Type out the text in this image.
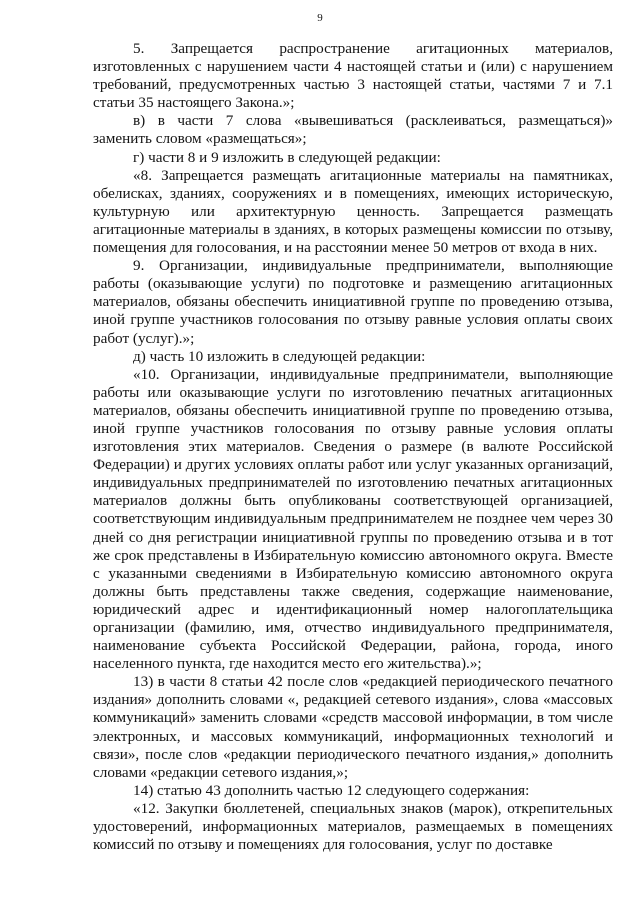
9

5. Запрещается распространение агитационных материалов, изготовленных с нарушением части 4 настоящей статьи и (или) с нарушением требований, предусмотренных частью 3 настоящей статьи, частями 7 и 7.1 статьи 35 настоящего Закона.»;

в) в части 7 слова «вывешиваться (расклеиваться, размещаться)» заменить словом «размещаться»;

г) части 8 и 9 изложить в следующей редакции:

«8. Запрещается размещать агитационные материалы на памятниках, обелисках, зданиях, сооружениях и в помещениях, имеющих историческую, культурную или архитектурную ценность. Запрещается размещать агитационные материалы в зданиях, в которых размещены комиссии по отзыву, помещения для голосования, и на расстоянии менее 50 метров от входа в них.

9. Организации, индивидуальные предприниматели, выполняющие работы (оказывающие услуги) по подготовке и размещению агитационных материалов, обязаны обеспечить инициативной группе по проведению отзыва, иной группе участников голосования по отзыву равные условия оплаты своих работ (услуг).»;

д) часть 10 изложить в следующей редакции:

«10. Организации, индивидуальные предприниматели, выполняющие работы или оказывающие услуги по изготовлению печатных агитационных материалов, обязаны обеспечить инициативной группе по проведению отзыва, иной группе участников голосования по отзыву равные условия оплаты изготовления этих материалов. Сведения о размере (в валюте Российской Федерации) и других условиях оплаты работ или услуг указанных организаций, индивидуальных предпринимателей по изготовлению печатных агитационных материалов должны быть опубликованы соответствующей организацией, соответствующим индивидуальным предпринимателем не позднее чем через 30 дней со дня регистрации инициативной группы по проведению отзыва и в тот же срок представлены в Избирательную комиссию автономного округа. Вместе с указанными сведениями в Избирательную комиссию автономного округа должны быть представлены также сведения, содержащие наименование, юридический адрес и идентификационный номер налогоплательщика организации (фамилию, имя, отчество индивидуального предпринимателя, наименование субъекта Российской Федерации, района, города, иного населенного пункта, где находится место его жительства).»;

13) в части 8 статьи 42 после слов «редакцией периодического печатного издания» дополнить словами «, редакцией сетевого издания», слова «массовых коммуникаций» заменить словами «средств массовой информации, в том числе электронных, и массовых коммуникаций, информационных технологий и связи», после слов «редакции периодического печатного издания,» дополнить словами «редакции сетевого издания,»;

14) статью 43 дополнить частью 12 следующего содержания:

«12. Закупки бюллетеней, специальных знаков (марок), открепительных удостоверений, информационных материалов, размещаемых в помещениях комиссий по отзыву и помещениях для голосования, услуг по доставке
